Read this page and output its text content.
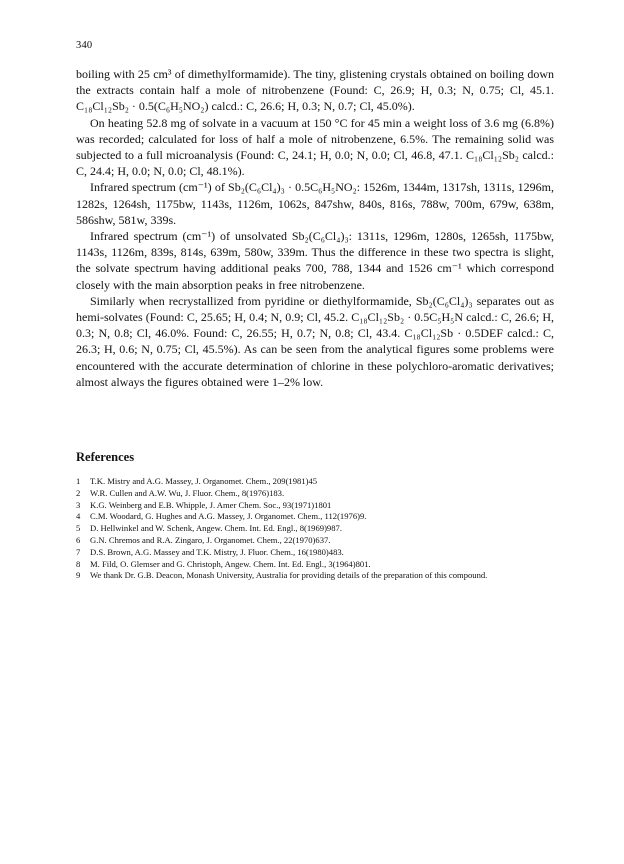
340

boiling with 25 cm³ of dimethylformamide). The tiny, glistening crystals obtained on boiling down the extracts contain half a mole of nitrobenzene (Found: C, 26.9; H, 0.3; N, 0.75; Cl, 45.1. C₁₈Cl₁₂Sb₂ · 0.5(C₆H₅NO₂) calcd.: C, 26.6; H, 0.3; N, 0.7; Cl, 45.0%).

On heating 52.8 mg of solvate in a vacuum at 150 °C for 45 min a weight loss of 3.6 mg (6.8%) was recorded; calculated for loss of half a mole of nitrobenzene, 6.5%. The remaining solid was subjected to a full microanalysis (Found: C, 24.1; H, 0.0; N, 0.0; Cl, 46.8, 47.1. C₁₈Cl₁₂Sb₂ calcd.: C, 24.4; H, 0.0; N, 0.0; Cl, 48.1%).

Infrared spectrum (cm⁻¹) of Sb₂(C₆Cl₄)₃ · 0.5C₆H₅NO₂: 1526m, 1344m, 1317sh, 1311s, 1296m, 1282s, 1264sh, 1175bw, 1143s, 1126m, 1062s, 847shw, 840s, 816s, 788w, 700m, 679w, 638m, 586shw, 581w, 339s.

Infrared spectrum (cm⁻¹) of unsolvated Sb₂(C₆Cl₄)₃: 1311s, 1296m, 1280s, 1265sh, 1175bw, 1143s, 1126m, 839s, 814s, 639m, 580w, 339m. Thus the difference in these two spectra is slight, the solvate spectrum having additional peaks 700, 788, 1344 and 1526 cm⁻¹ which correspond closely with the main absorption peaks in free nitrobenzene.

Similarly when recrystallized from pyridine or diethylformamide, Sb₂(C₆Cl₄)₃ separates out as hemi-solvates (Found: C, 25.65; H, 0.4; N, 0.9; Cl, 45.2. C₁₈Cl₁₂Sb₂ · 0.5C₅H₅N calcd.: C, 26.6; H, 0.3; N, 0.8; Cl, 46.0%. Found: C, 26.55; H, 0.7; N, 0.8; Cl, 43.4. C₁₈Cl₁₂Sb · 0.5DEF calcd.: C, 26.3; H, 0.6; N, 0.75; Cl, 45.5%). As can be seen from the analytical figures some problems were encountered with the accurate determination of chlorine in these polychloro-aromatic derivatives; almost always the figures obtained were 1–2% low.

References
1 T.K. Mistry and A.G. Massey, J. Organomet. Chem., 209(1981)45
2 W.R. Cullen and A.W. Wu, J. Fluor. Chem., 8(1976)183.
3 K.G. Weinberg and E.B. Whipple, J. Amer Chem. Soc., 93(1971)1801
4 C.M. Woodard, G. Hughes and A.G. Massey, J. Organomet. Chem., 112(1976)9.
5 D. Hellwinkel and W. Schenk, Angew. Chem. Int. Ed. Engl., 8(1969)987.
6 G.N. Chremos and R.A. Zingaro, J. Organomet. Chem., 22(1970)637.
7 D.S. Brown, A.G. Massey and T.K. Mistry, J. Fluor. Chem., 16(1980)483.
8 M. Fild, O. Glemser and G. Christoph, Angew. Chem. Int. Ed. Engl., 3(1964)801.
9 We thank Dr. G.B. Deacon, Monash University, Australia for providing details of the preparation of this compound.
